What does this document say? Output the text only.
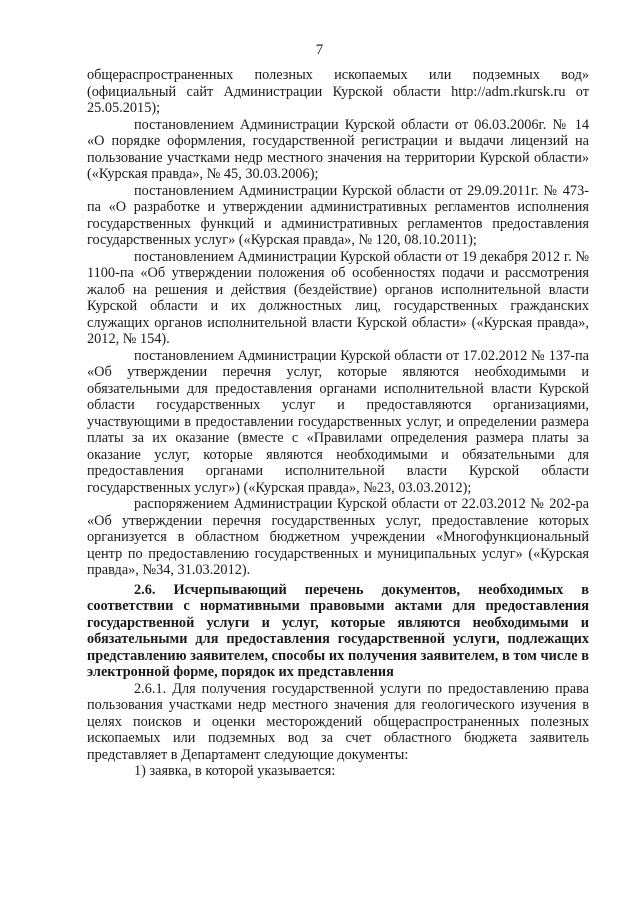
7

общераспространенных полезных ископаемых или подземных вод» (официальный сайт Администрации Курской области http://adm.rkursk.ru от 25.05.2015);

постановлением Администрации Курской области от 06.03.2006г. № 14 «О порядке оформления, государственной регистрации и выдачи лицензий на пользование участками недр местного значения на территории Курской области» («Курская правда», № 45, 30.03.2006);

постановлением Администрации Курской области от 29.09.2011г. № 473-па «О разработке и утверждении административных регламентов исполнения государственных функций и административных регламентов предоставления государственных услуг» («Курская правда», № 120, 08.10.2011);

постановлением Администрации Курской области от 19 декабря 2012 г. № 1100-па «Об утверждении положения об особенностях подачи и рассмотрения жалоб на решения и действия (бездействие) органов исполнительной власти Курской области и их должностных лиц, государственных гражданских служащих органов исполнительной власти Курской области» («Курская правда», 2012, № 154).

постановлением Администрации Курской области от 17.02.2012 № 137-па «Об утверждении перечня услуг, которые являются необходимыми и обязательными для предоставления органами исполнительной власти Курской области государственных услуг и предоставляются организациями, участвующими в предоставлении государственных услуг, и определении размера платы за их оказание (вместе с «Правилами определения размера платы за оказание услуг, которые являются необходимыми и обязательными для предоставления органами исполнительной власти Курской области государственных услуг») («Курская правда», №23, 03.03.2012);

распоряжением Администрации Курской области от 22.03.2012 № 202-ра «Об утверждении перечня государственных услуг, предоставление которых организуется в областном бюджетном учреждении «Многофункциональный центр по предоставлению государственных и муниципальных услуг» («Курская правда», №34, 31.03.2012).

2.6. Исчерпывающий перечень документов, необходимых в соответствии с нормативными правовыми актами для предоставления государственной услуги и услуг, которые являются необходимыми и обязательными для предоставления государственной услуги, подлежащих представлению заявителем, способы их получения заявителем, в том числе в электронной форме, порядок их представления

2.6.1. Для получения государственной услуги по предоставлению права пользования участками недр местного значения для геологического изучения в целях поисков и оценки месторождений общераспространенных полезных ископаемых или подземных вод за счет областного бюджета заявитель представляет в Департамент следующие документы:

1) заявка, в которой указывается:
